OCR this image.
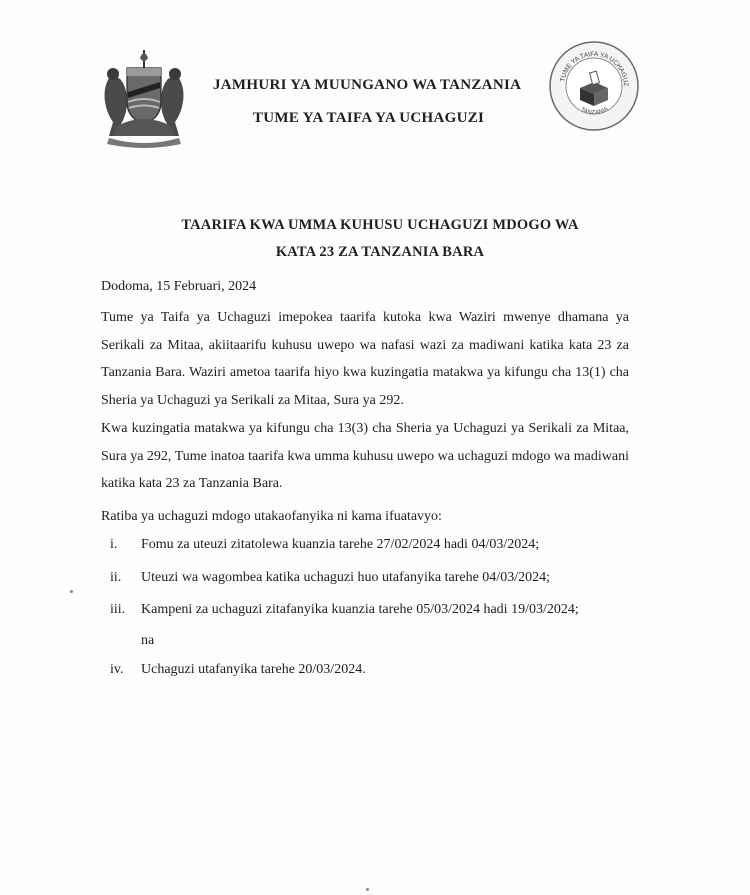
JAMHURI YA MUUNGANO WA TANZANIA
TUME YA TAIFA YA UCHAGUZI
TUME YA TAIFA YA UCHAGUZ
TANZANIA
TAARIFA KWA UMMA KUHUSU UCHAGUZI MDOGO WA
KATA 23 ZA TANZANIA BARA
Dodoma, 15 Februari, 2024

Tume ya Taifa ya Uchaguzi imepokea taarifa kutoka kwa Waziri mwenye dhamana ya Serikali za Mitaa, akiitaarifu kuhusu uwepo wa nafasi wazi za madiwani katika kata 23 za Tanzania Bara. Waziri ametoa taarifa hiyo kwa kuzingatia matakwa ya kifungu cha 13(1) cha Sheria ya Uchaguzi ya Serikali za Mitaa, Sura ya 292.

Kwa kuzingatia matakwa ya kifungu cha 13(3) cha Sheria ya Uchaguzi ya Serikali za Mitaa, Sura ya 292, Tume inatoa taarifa kwa umma kuhusu uwepo wa uchaguzi mdogo wa madiwani katika kata 23 za Tanzania Bara.

Ratiba ya uchaguzi mdogo utakaofanyika ni kama ifuatavyo:

i.	Fomu za uteuzi zitatolewa kuanzia tarehe 27/02/2024 hadi 04/03/2024;
ii.	Uteuzi wa wagombea katika uchaguzi huo utafanyika tarehe 04/03/2024;
iii.	Kampeni za uchaguzi zitafanyika kuanzia tarehe 05/03/2024 hadi 19/03/2024;
na
iv.	Uchaguzi utafanyika tarehe 20/03/2024.
